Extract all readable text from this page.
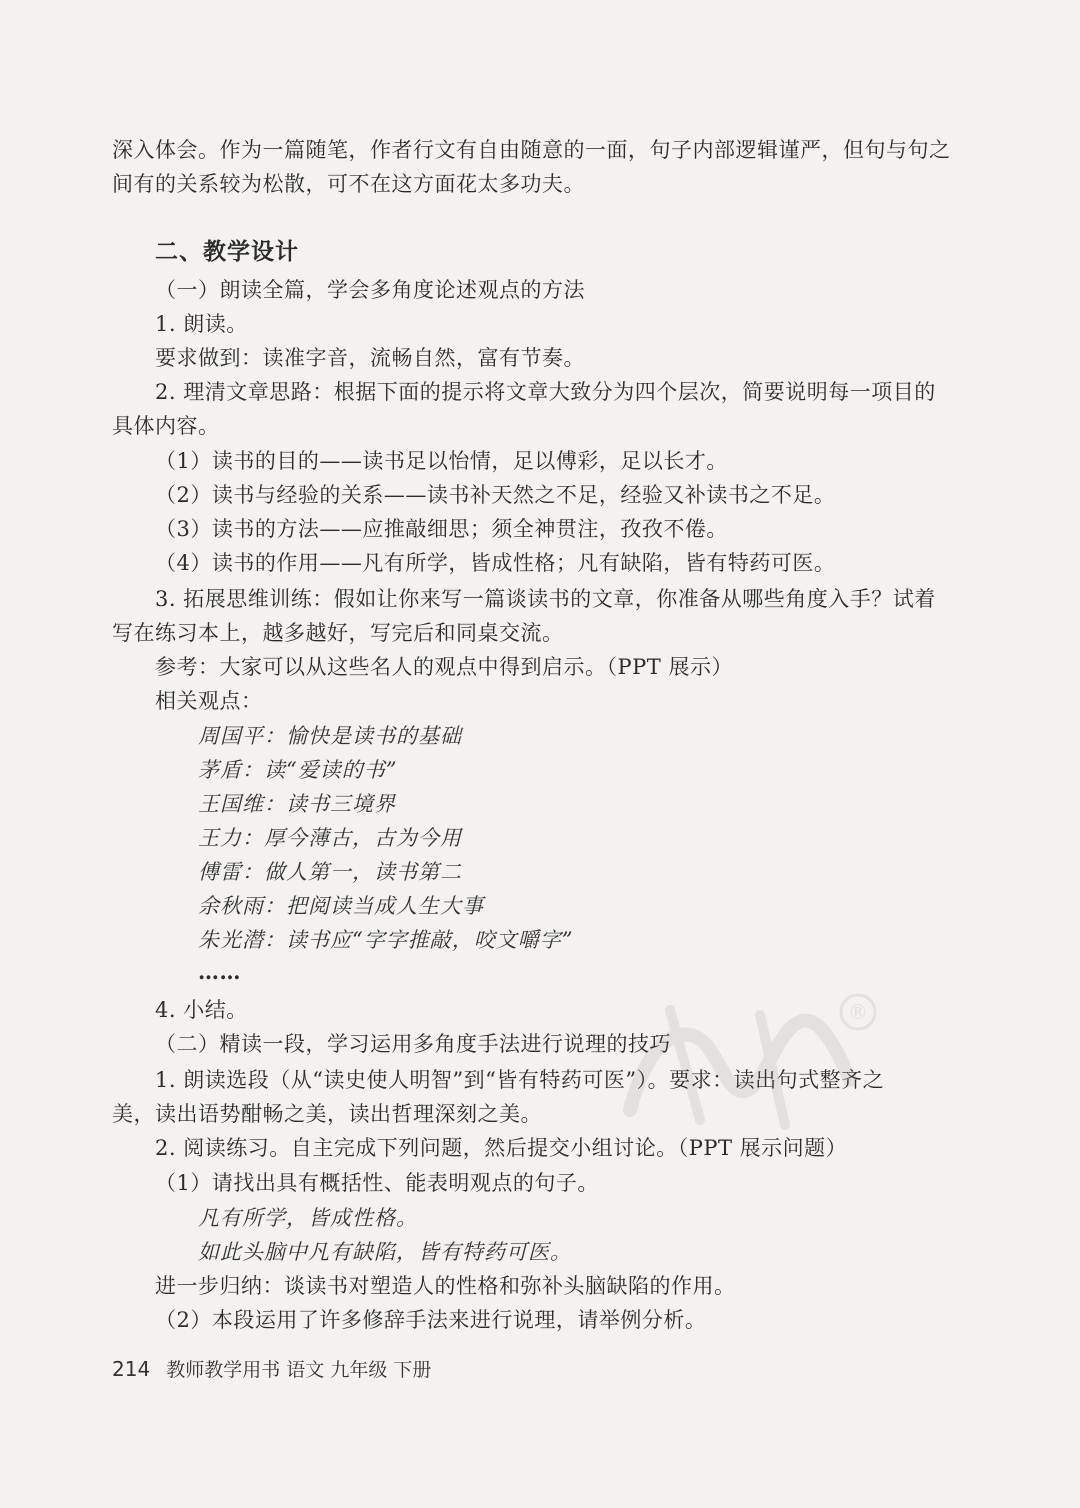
深入体会。作为一篇随笔，作者行文有自由随意的一面，句子内部逻辑谨严，但句与句之
间有的关系较为松散，可不在这方面花太多功夫。
二、教学设计
（一）朗读全篇，学会多角度论述观点的方法
1. 朗读。
要求做到：读准字音，流畅自然，富有节奏。
2. 理清文章思路：根据下面的提示将文章大致分为四个层次，简要说明每一项目的
具体内容。
（1）读书的目的——读书足以怡情，足以傅彩，足以长才。
（2）读书与经验的关系——读书补天然之不足，经验又补读书之不足。
（3）读书的方法——应推敲细思；须全神贯注，孜孜不倦。
（4）读书的作用——凡有所学，皆成性格；凡有缺陷，皆有特药可医。
3. 拓展思维训练：假如让你来写一篇谈读书的文章，你准备从哪些角度入手？试着
写在练习本上，越多越好，写完后和同桌交流。
参考：大家可以从这些名人的观点中得到启示。（PPT 展示）
相关观点：
周国平：愉快是读书的基础
茅盾：读“爱读的书”
王国维：读书三境界
王力：厚今薄古，古为今用
傅雷：做人第一，读书第二
余秋雨：把阅读当成人生大事
朱光潜：读书应“字字推敲，咬文嚼字”
……
4. 小结。
（二）精读一段，学习运用多角度手法进行说理的技巧
1. 朗读选段（从“读史使人明智”到“皆有特药可医”）。要求：读出句式整齐之
美，读出语势酣畅之美，读出哲理深刻之美。
2. 阅读练习。自主完成下列问题，然后提交小组讨论。（PPT 展示问题）
（1）请找出具有概括性、能表明观点的句子。
凡有所学，皆成性格。
如此头脑中凡有缺陷，皆有特药可医。
进一步归纳：谈读书对塑造人的性格和弥补头脑缺陷的作用。
（2）本段运用了许多修辞手法来进行说理，请举例分析。
®
214 教师教学用书 语文 九年级 下册
